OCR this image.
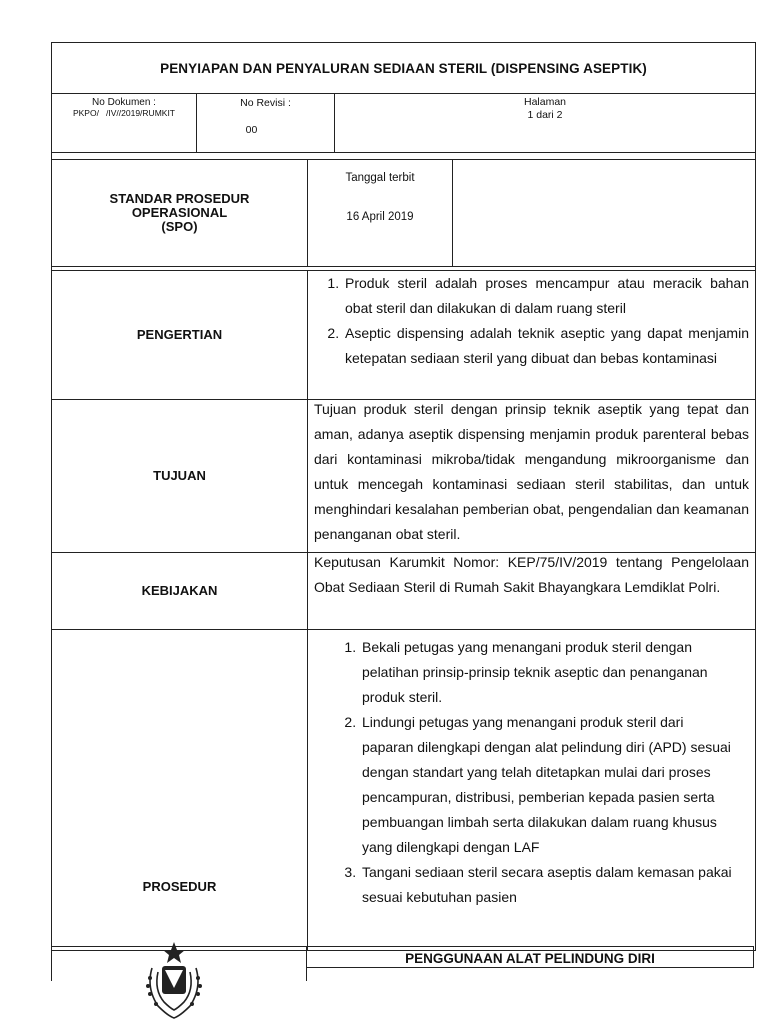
PENYIAPAN DAN PENYALURAN SEDIAAN STERIL (DISPENSING ASEPTIK)
No Dokumen :
PKPO/   /IV//2019/RUMKIT
No Revisi :
00
Halaman
1 dari 2
STANDAR PROSEDUR
OPERASIONAL
(SPO)
Tanggal terbit
16 April 2019
PENGERTIAN
1. Produk steril adalah proses mencampur atau meracik bahan obat steril dan dilakukan di dalam ruang steril
2. Aseptic dispensing adalah teknik aseptic yang dapat menjamin ketepatan sediaan steril yang dibuat dan bebas kontaminasi
TUJUAN
Tujuan produk steril dengan prinsip teknik aseptik yang tepat dan aman, adanya aseptik dispensing menjamin produk parenteral bebas dari kontaminasi mikroba/tidak mengandung mikroorganisme dan untuk mencegah kontaminasi sediaan steril stabilitas, dan untuk menghindari kesalahan pemberian obat, pengendalian dan keamanan penanganan obat steril.
KEBIJAKAN
Keputusan Karumkit Nomor: KEP/75/IV/2019 tentang Pengelolaan Obat Sediaan Steril di Rumah Sakit Bhayangkara Lemdiklat Polri.
PROSEDUR
1. Bekali petugas yang menangani produk steril dengan pelatihan prinsip-prinsip teknik aseptic dan penanganan produk steril.
2. Lindungi petugas yang menangani produk steril dari paparan dilengkapi dengan alat pelindung diri (APD) sesuai dengan standart yang telah ditetapkan mulai dari proses pencampuran, distribusi, pemberian kepada pasien serta pembuangan limbah serta dilakukan dalam ruang khusus yang dilengkapi dengan LAF
3. Tangani sediaan steril secara aseptis dalam kemasan pakai sesuai kebutuhan pasien
PENGGUNAAN ALAT PELINDUNG DIRI
